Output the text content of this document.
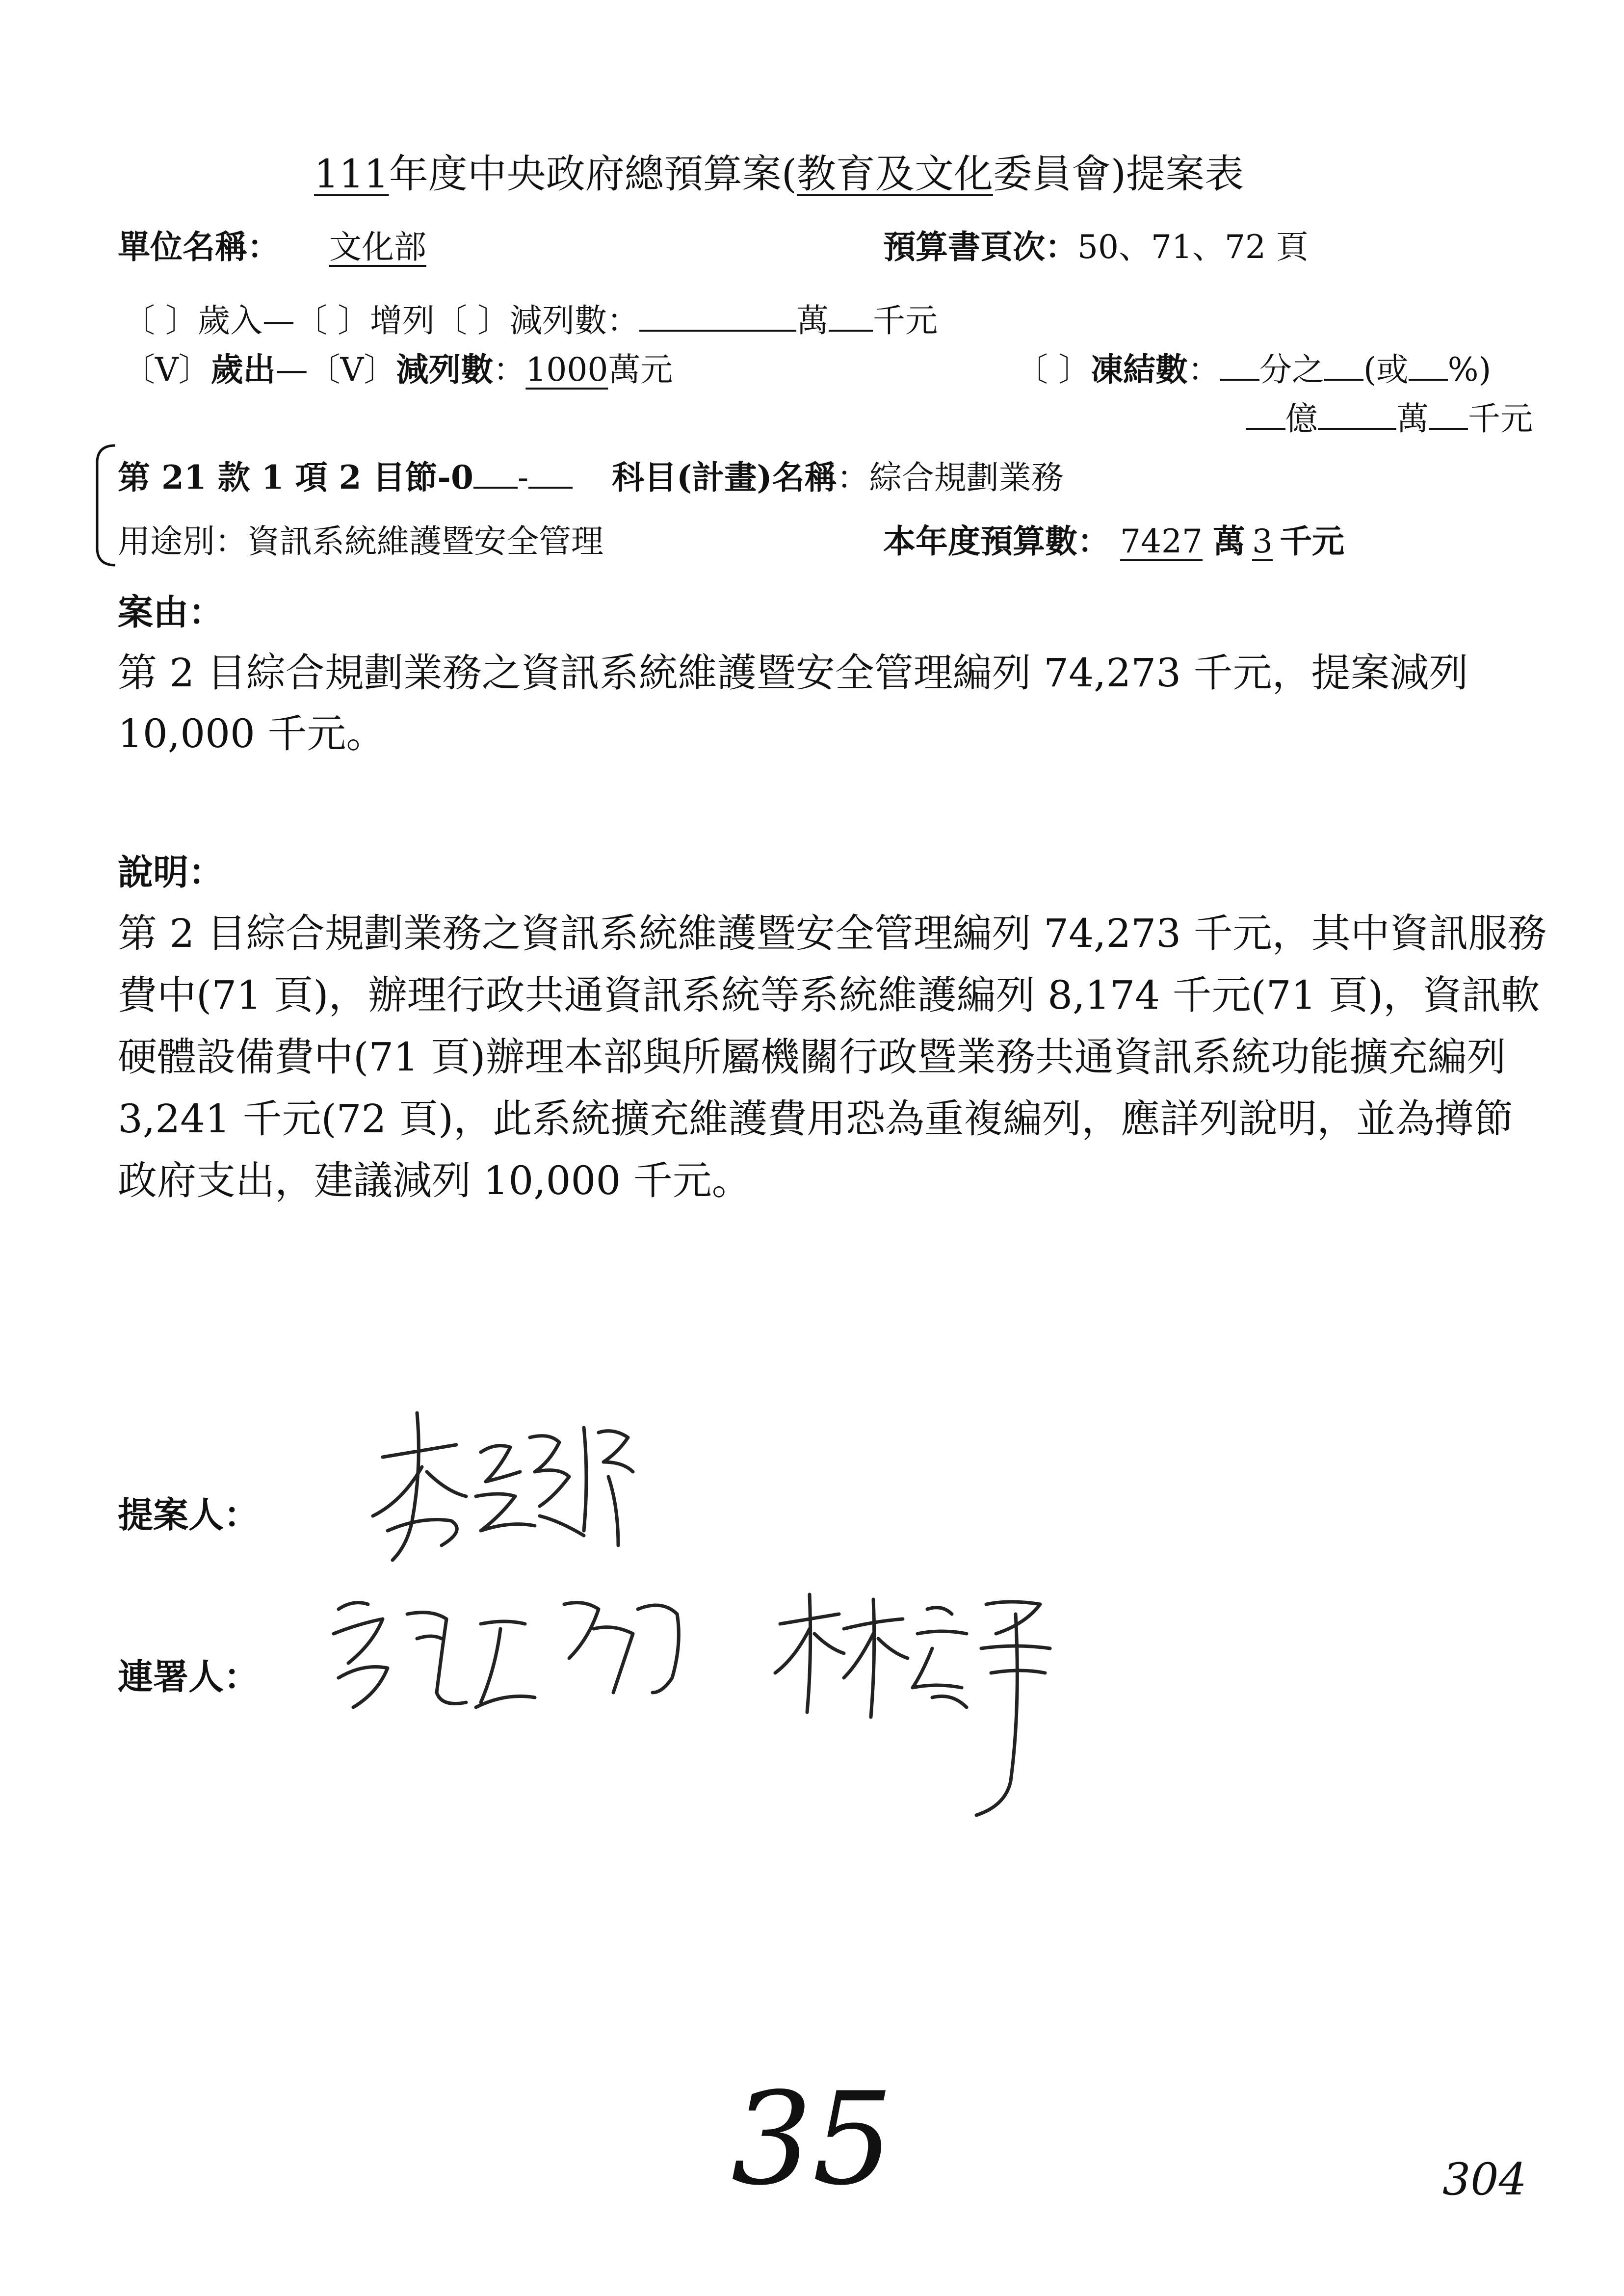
111年度中央政府總預算案(教育及文化委員會)提案表
單位名稱： 文化部	預算書頁次：50、71、72 頁
〔 〕歲入—〔 〕增列〔 〕減列數：	萬 千元
〔V〕歲出—〔V〕減列數：1000萬元	〔 〕凍結數： 分之 (或 %)
億 萬 千元
第 21 款 1 項 2 目節-0 -	科目(計畫)名稱：綜合規劃業務
用途別：資訊系統維護暨安全管理	本年度預算數： 7427 萬 3 千元
案由：
第 2 目綜合規劃業務之資訊系統維護暨安全管理編列 74,273 千元，提案減列 10,000 千元。
說明：
第 2 目綜合規劃業務之資訊系統維護暨安全管理編列 74,273 千元，其中資訊服務費中(71 頁)，辦理行政共通資訊系統等系統維護編列 8,174 千元(71 頁)，資訊軟硬體設備費中(71 頁)辦理本部與所屬機關行政暨業務共通資訊系統功能擴充編列 3,241 千元(72 頁)，此系統擴充維護費用恐為重複編列，應詳列說明，並為撙節政府支出，建議減列 10,000 千元。
提案人：
連署人：
35	304
